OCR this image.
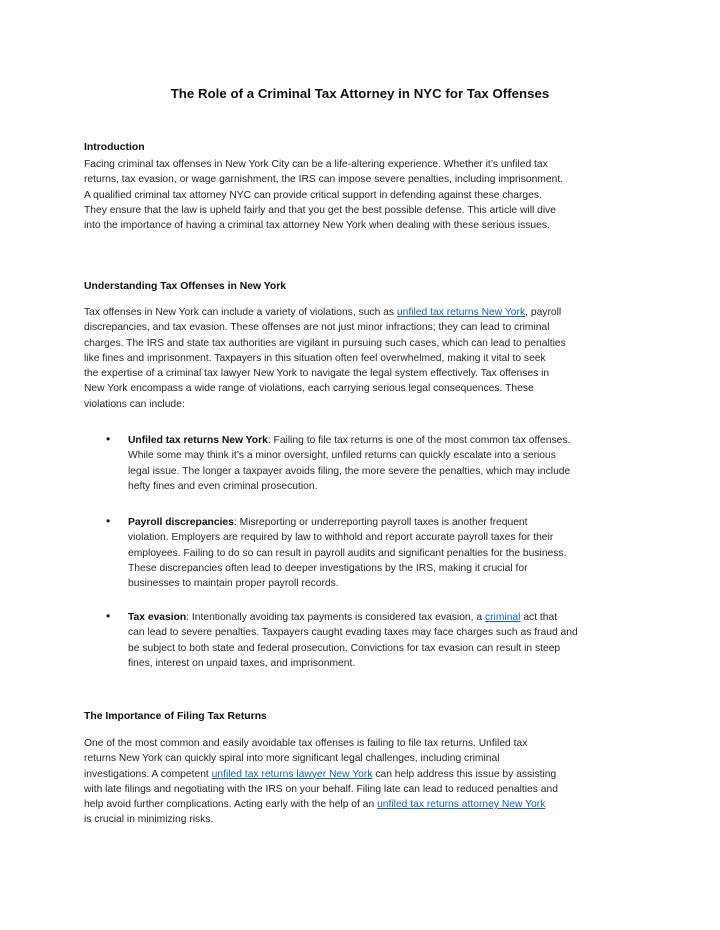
The Role of a Criminal Tax Attorney in NYC for Tax Offenses
Introduction
Facing criminal tax offenses in New York City can be a life-altering experience. Whether it’s unfiled tax
returns, tax evasion, or wage garnishment, the IRS can impose severe penalties, including imprisonment.
A qualified criminal tax attorney NYC can provide critical support in defending against these charges.
They ensure that the law is upheld fairly and that you get the best possible defense. This article will dive
into the importance of having a criminal tax attorney New York when dealing with these serious issues.
Understanding Tax Offenses in New York
Tax offenses in New York can include a variety of violations, such as unfiled tax returns New York, payroll
discrepancies, and tax evasion. These offenses are not just minor infractions; they can lead to criminal
charges. The IRS and state tax authorities are vigilant in pursuing such cases, which can lead to penalties
like fines and imprisonment. Taxpayers in this situation often feel overwhelmed, making it vital to seek
the expertise of a criminal tax lawyer New York to navigate the legal system effectively. Tax offenses in
New York encompass a wide range of violations, each carrying serious legal consequences. These
violations can include:
• Unfiled tax returns New York: Failing to file tax returns is one of the most common tax offenses.
While some may think it’s a minor oversight, unfiled returns can quickly escalate into a serious
legal issue. The longer a taxpayer avoids filing, the more severe the penalties, which may include
hefty fines and even criminal prosecution.
• Payroll discrepancies: Misreporting or underreporting payroll taxes is another frequent
violation. Employers are required by law to withhold and report accurate payroll taxes for their
employees. Failing to do so can result in payroll audits and significant penalties for the business.
These discrepancies often lead to deeper investigations by the IRS, making it crucial for
businesses to maintain proper payroll records.
• Tax evasion: Intentionally avoiding tax payments is considered tax evasion, a criminal act that
can lead to severe penalties. Taxpayers caught evading taxes may face charges such as fraud and
be subject to both state and federal prosecution. Convictions for tax evasion can result in steep
fines, interest on unpaid taxes, and imprisonment.
The Importance of Filing Tax Returns
One of the most common and easily avoidable tax offenses is failing to file tax returns. Unfiled tax
returns New York can quickly spiral into more significant legal challenges, including criminal
investigations. A competent unfiled tax returns lawyer New York can help address this issue by assisting
with late filings and negotiating with the IRS on your behalf. Filing late can lead to reduced penalties and
help avoid further complications. Acting early with the help of an unfiled tax returns attorney New York
is crucial in minimizing risks.
